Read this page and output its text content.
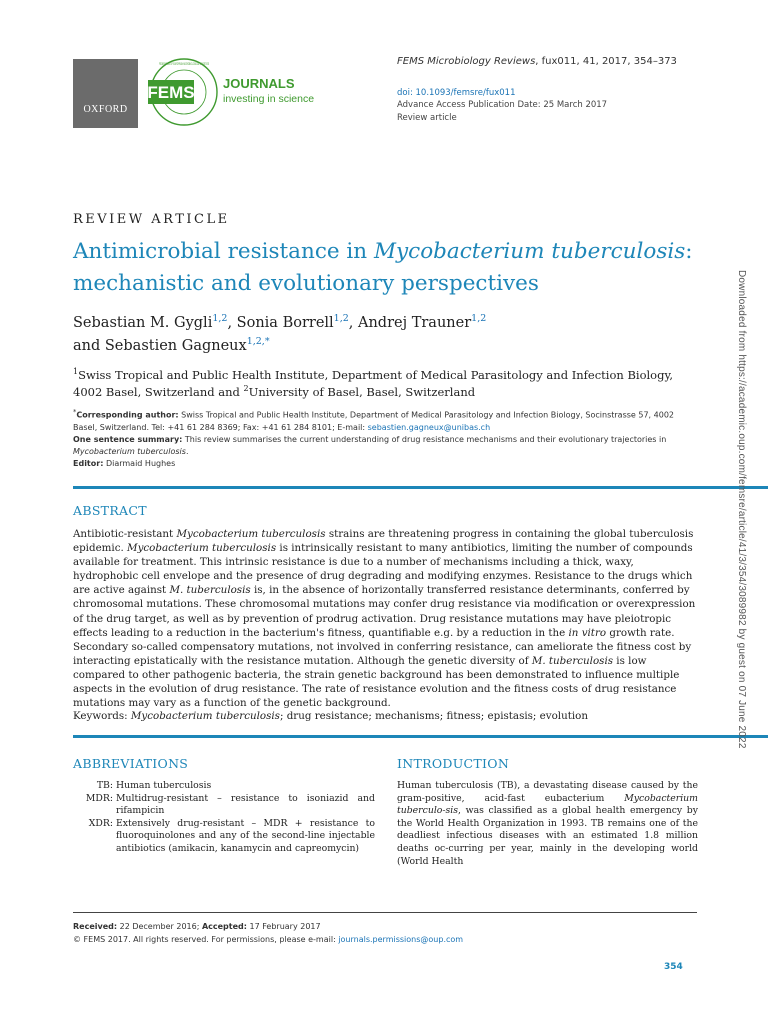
OXFORD
FEDERATION OF EUROPEAN MICROBIOLOGICAL SOCIETIES
FEMS JOURNALS
investing in science
FEMS Microbiology Reviews, fux011, 41, 2017, 354–373
doi: 10.1093/femsre/fux011
Advance Access Publication Date: 25 March 2017
Review article
REVIEW ARTICLE
Antimicrobial resistance in Mycobacterium tuberculosis:
mechanistic and evolutionary perspectives
Sebastian M. Gygli$^{1,2}$, Sonia Borrell$^{1,2}$, Andrej Trauner$^{1,2}$
and Sebastien Gagneux$^{1,2,*}$
$^1$Swiss Tropical and Public Health Institute, Department of Medical Parasitology and Infection Biology, 4002 Basel, Switzerland and $^2$University of Basel, Basel, Switzerland
*Corresponding author: Swiss Tropical and Public Health Institute, Department of Medical Parasitology and Infection Biology, Socinstrasse 57, 4002 Basel, Switzerland. Tel: +41 61 284 8369; Fax: +41 61 284 8101; E-mail: sebastien.gagneux@unibas.ch
One sentence summary: This review summarises the current understanding of drug resistance mechanisms and their evolutionary trajectories in Mycobacterium tuberculosis.
Editor: Diarmaid Hughes
ABSTRACT
Antibiotic-resistant Mycobacterium tuberculosis strains are threatening progress in containing the global tuberculosis epidemic. Mycobacterium tuberculosis is intrinsically resistant to many antibiotics, limiting the number of compounds available for treatment. This intrinsic resistance is due to a number of mechanisms including a thick, waxy, hydrophobic cell envelope and the presence of drug degrading and modifying enzymes. Resistance to the drugs which are active against M. tuberculosis is, in the absence of horizontally transferred resistance determinants, conferred by chromosomal mutations. These chromosomal mutations may confer drug resistance via modification or overexpression of the drug target, as well as by prevention of prodrug activation. Drug resistance mutations may have pleiotropic effects leading to a reduction in the bacterium's fitness, quantifiable e.g. by a reduction in the in vitro growth rate. Secondary so-called compensatory mutations, not involved in conferring resistance, can ameliorate the fitness cost by interacting epistatically with the resistance mutation. Although the genetic diversity of M. tuberculosis is low compared to other pathogenic bacteria, the strain genetic background has been demonstrated to influence multiple aspects in the evolution of drug resistance. The rate of resistance evolution and the fitness costs of drug resistance mutations may vary as a function of the genetic background.
Keywords: Mycobacterium tuberculosis; drug resistance; mechanisms; fitness; epistasis; evolution
ABBREVIATIONS
TB: Human tuberculosis
MDR: Multidrug-resistant – resistance to isoniazid and rifampicin
XDR: Extensively drug-resistant – MDR + resistance to fluoroquinolones and any of the second-line injectable antibiotics (amikacin, kanamycin and capreomycin)
INTRODUCTION
Human tuberculosis (TB), a devastating disease caused by the gram-positive, acid-fast eubacterium Mycobacterium tuberculo-sis, was classified as a global health emergency by the World Health Organization in 1993. TB remains one of the deadliest infectious diseases with an estimated 1.8 million deaths oc-curring per year, mainly in the developing world (World Health
Received: 22 December 2016; Accepted: 17 February 2017
© FEMS 2017. All rights reserved. For permissions, please e-mail: journals.permissions@oup.com
354
Downloaded from https://academic.oup.com/femsre/article/41/3/354/3089982 by guest on 07 June 2022
